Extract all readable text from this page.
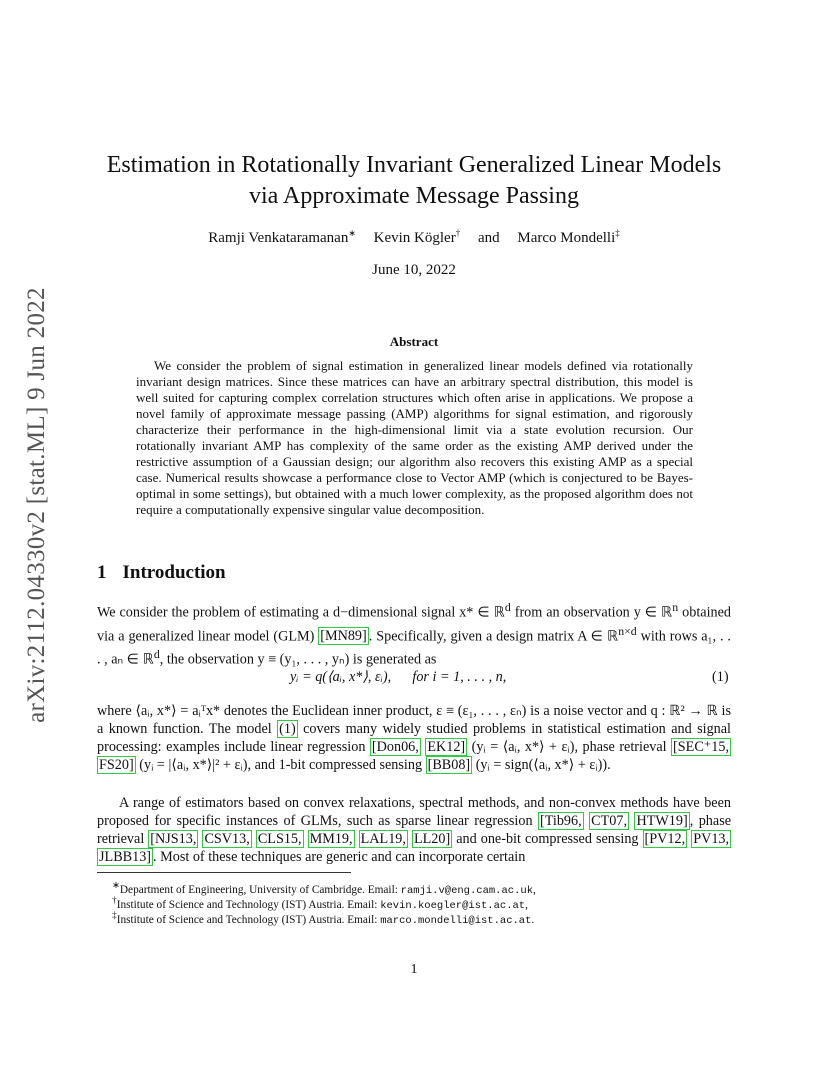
arXiv:2112.04330v2 [stat.ML] 9 Jun 2022
Estimation in Rotationally Invariant Generalized Linear Models
via Approximate Message Passing
Ramji Venkataramanan∗ Kevin Kögler† and Marco Mondelli‡
June 10, 2022
Abstract
We consider the problem of signal estimation in generalized linear models defined via rotationally invariant design matrices. Since these matrices can have an arbitrary spectral distribution, this model is well suited for capturing complex correlation structures which often arise in applications. We propose a novel family of approximate message passing (AMP) algorithms for signal estimation, and rigorously characterize their performance in the high-dimensional limit via a state evolution recursion. Our rotationally invariant AMP has complexity of the same order as the existing AMP derived under the restrictive assumption of a Gaussian design; our algorithm also recovers this existing AMP as a special case. Numerical results showcase a performance close to Vector AMP (which is conjectured to be Bayes-optimal in some settings), but obtained with a much lower complexity, as the proposed algorithm does not require a computationally expensive singular value decomposition.
1 Introduction
We consider the problem of estimating a d−dimensional signal x* ∈ ℝ$^d$ from an observation y ∈ ℝ$^n$ obtained via a generalized linear model (GLM) [MN89] . Specifically, given a design matrix A ∈ ℝ$^{n\times d}$ with rows a₁, . . . , aₙ ∈ ℝ$^d$, the observation y ≡ (y₁, . . . , yₙ) is generated as
yᵢ = q(⟨aᵢ, x*⟩, εᵢ),      for i = 1, . . . , n,	(1)
where ⟨aᵢ, x*⟩ = aᵢᵀx* denotes the Euclidean inner product, ε ≡ (ε₁, . . . , εₙ) is a noise vector and q : ℝ² → ℝ is a known function. The model (1) covers many widely studied problems in statistical estimation and signal processing: examples include linear regression [Don06, EK12] (yᵢ = ⟨aᵢ, x*⟩ + εᵢ), phase retrieval [SEC⁺15, FS20] (yᵢ = |⟨aᵢ, x*⟩|² + εᵢ), and 1-bit compressed sensing [BB08] (yᵢ = sign(⟨aᵢ, x*⟩ + εᵢ)).
A range of estimators based on convex relaxations, spectral methods, and non-convex methods have been proposed for specific instances of GLMs, such as sparse linear regression [Tib96, CT07, HTW19] , phase retrieval [NJS13, CSV13, CLS15, MM19, LAL19, LL20] and one-bit compressed sensing [PV12, PV13, JLBB13] . Most of these techniques are generic and can incorporate certain
∗Department of Engineering, University of Cambridge. Email: ramji.v@eng.cam.ac.uk,
†Institute of Science and Technology (IST) Austria. Email: kevin.koegler@ist.ac.at,
‡Institute of Science and Technology (IST) Austria. Email: marco.mondelli@ist.ac.at.
1
